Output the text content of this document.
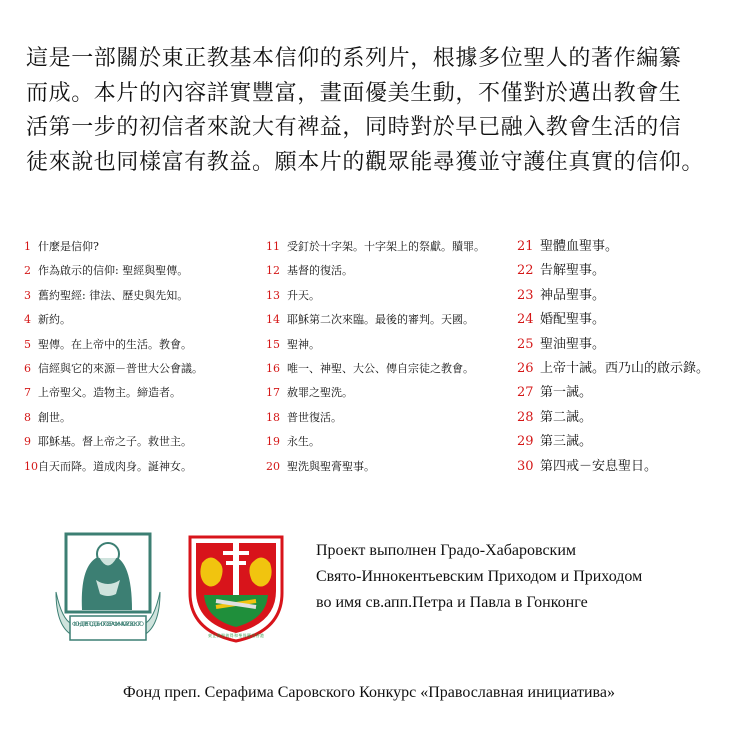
這是一部關於東正教基本信仰的系列片，根據多位聖人的著作編纂

而成。本片的內容詳實豐富，畫面優美生動，不僅對於邁出教會生

活第一步的初信者來說大有裨益，同時對於早已融入教會生活的信

徒來說也同樣富有教益。願本片的觀眾能尋獲並守護住真實的信仰。

1 什麼是信仰?
2 作為啟示的信仰: 聖經與聖傳。
3 舊約聖經: 律法、歷史與先知。
4 新約。
5 聖傳。在上帝中的生活。教會。
6 信經與它的來源－普世大公會議。
7 上帝聖父。造物主。締造者。
8 創世。
9 耶穌基。督上帝之子。救世主。
10自天而降。道成肉身。誕神女。
11 受釘於十字架。十字架上的祭獻。贖罪。
12 基督的復活。
13 升天。
14 耶穌第二次來臨。最後的審判。天國。
15 聖神。
16 唯一、神聖、大公、傳自宗徒之教會。
17 赦罪之聖洗。
18 普世復活。
19 永生。
20 聖洗與聖膏聖事。
21 聖體血聖事。
22 告解聖事。
23 神品聖事。
24 婚配聖事。
25 聖油聖事。
26 上帝十誡。西乃山的啟示錄。
27 第一誡。
28 第二誡。
29 第三誡。
30 第四戒－安息聖日。
ФОНД ПРЕПОДОБНОГО СЕРАФИМА САРОВСКОГО
東正教聖彼得和聖保羅堂香港
Проект выполнен Градо-Хабаровским
Свято-Иннокентьевским Приходом и Приходом
во имя св.апп.Петра и Павла в Гонконге
Фонд преп. Серафима Саровского Конкурс «Православная инициатива»
